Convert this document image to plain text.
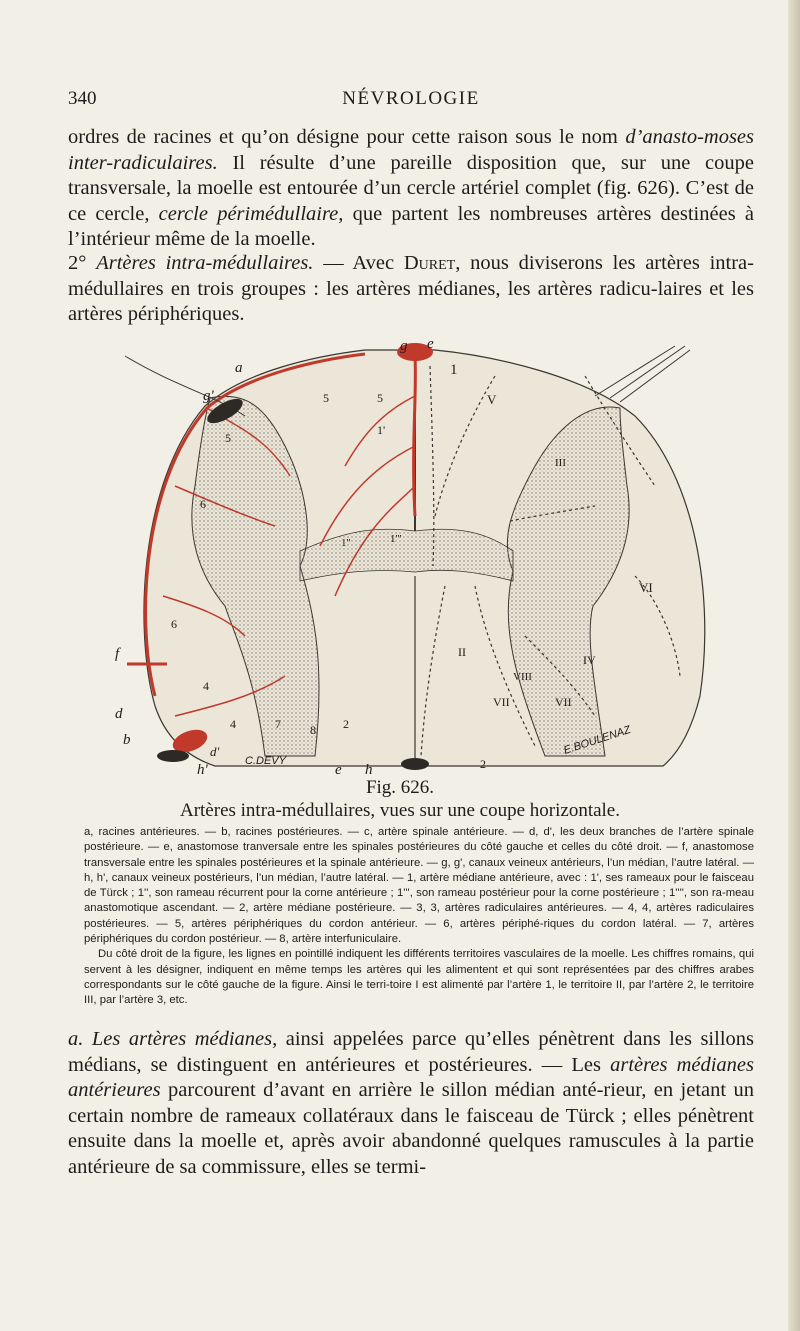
340	NÉVROLOGIE
ordres de racines et qu’on désigne pour cette raison sous le nom d’anasto-moses inter-radiculaires. Il résulte d’une pareille disposition que, sur une coupe transversale, la moelle est entourée d’un cercle artériel complet (fig. 626). C’est de ce cercle, cercle périmédullaire, que partent les nombreuses artères destinées à l’intérieur même de la moelle.
2° Artères intra-médullaires. — Avec Duret, nous diviserons les artères intra-médullaires en trois groupes : les artères médianes, les artères radicu-laires et les artères périphériques.
a
g e
1
g'	5	5
5
1'
1''	1'''
6
6
f
V
III
VI
II
IV
VIII
VII	VII
4
4	7 8 2
2
d
d'
b
h
h'	e
C.DEVY
E.BOULENAZ
Fig. 626.
Artères intra-médullaires, vues sur une coupe horizontale.

a, racines antérieures. — b, racines postérieures. — c, artère spinale antérieure. — d, d', les deux branches de l’artère spinale postérieure. — e, anastomose tranversale entre les spinales postérieures du côté gauche et celles du côté droit. — f, anastomose transversale entre les spinales postérieures et la spinale antérieure. — g, g', canaux veineux antérieurs, l’un médian, l’autre latéral. — h, h', canaux veineux postérieurs, l’un médian, l’autre latéral. — 1, artère médiane antérieure, avec : 1', ses rameaux pour le faisceau de Türck ; 1'', son rameau récurrent pour la corne antérieure ; 1''', son rameau postérieur pour la corne postérieure ; 1'''', son ra-meau anastomotique ascendant. — 2, artère médiane postérieure. — 3, 3, artères radiculaires antérieures. — 4, 4, artères radiculaires postérieures. — 5, artères périphériques du cordon antérieur. — 6, artères périphé-riques du cordon latéral. — 7, artères périphériques du cordon postérieur. — 8, artère interfuniculaire.

Du côté droit de la figure, les lignes en pointillé indiquent les différents territoires vasculaires de la moelle. Les chiffres romains, qui servent à les désigner, indiquent en même temps les artères qui les alimentent et qui sont représentées par des chiffres arabes correspondants sur le côté gauche de la figure. Ainsi le terri-toire I est alimenté par l’artère 1, le territoire II, par l’artère 2, le territoire III, par l’artère 3, etc.

a. Les artères médianes, ainsi appelées parce qu’elles pénètrent dans les sillons médians, se distinguent en antérieures et postérieures. — Les artères médianes antérieures parcourent d’avant en arrière le sillon médian anté-rieur, en jetant un certain nombre de rameaux collatéraux dans le faisceau de Türck ; elles pénètrent ensuite dans la moelle et, après avoir abandonné quelques ramuscules à la partie antérieure de sa commissure, elles se termi-
